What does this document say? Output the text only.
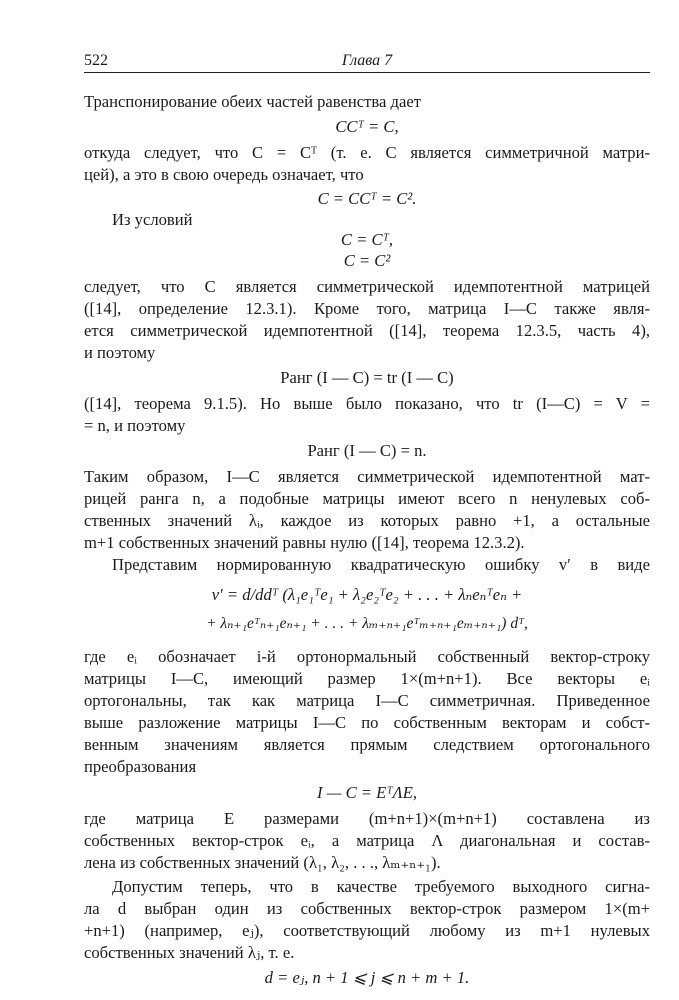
522	Глава 7
Транспонирование обеих частей равенства дает
CCᵀ = C,
откуда следует, что C = Cᵀ (т. е. C является симметричной матри-
цей), а это в свою очередь означает, что
C = CCᵀ = C².
Из условий
C = Cᵀ,
C = C²
следует, что C является симметрической идемпотентной матрицей
([14], определение 12.3.1). Кроме того, матрица I—C также явля-
ется симметрической идемпотентной ([14], теорема 12.3.5, часть 4),
и поэтому
Ранг (I — C) = tr (I — C)
([14], теорема 9.1.5). Но выше было показано, что tr (I—C) = V =
= n, и поэтому
Ранг (I — C) = n.
Таким образом, I—C является симметрической идемпотентной мат-
рицей ранга n, а подобные матрицы имеют всего n ненулевых соб-
ственных значений λᵢ, каждое из которых равно +1, а остальные
m+1 собственных значений равны нулю ([14], теорема 12.3.2).
Представим нормированную квадратическую ошибку v′ в виде
v′ = d/ddᵀ (λ₁e₁ᵀe₁ + λ₂e₂ᵀe₂ + . . . + λₙeₙᵀeₙ +
+ λₙ₊₁eᵀₙ₊₁eₙ₊₁ + . . . + λₘ₊ₙ₊₁eᵀₘ₊ₙ₊₁eₘ₊ₙ₊₁) dᵀ,
где eᵢ обозначает i-й ортонормальный собственный вектор-строку
матрицы I—C, имеющий размер 1×(m+n+1). Все векторы eᵢ
ортогональны, так как матрица I—C симметричная. Приведенное
выше разложение матрицы I—C по собственным векторам и собст-
венным значениям является прямым следствием ортогонального
преобразования
I — C = EᵀΛE,
где матрица E размерами (m+n+1)×(m+n+1) составлена из
собственных вектор-строк eᵢ, а матрица Λ диагональная и состав-
лена из собственных значений (λ₁, λ₂, . . ., λₘ₊ₙ₊₁).
Допустим теперь, что в качестве требуемого выходного сигна-
ла d выбран один из собственных вектор-строк размером 1×(m+
+n+1) (например, eⱼ), соответствующий любому из m+1 нулевых
собственных значений λⱼ, т. е.
d = eⱼ, n + 1 ⩽ j ⩽ n + m + 1.
